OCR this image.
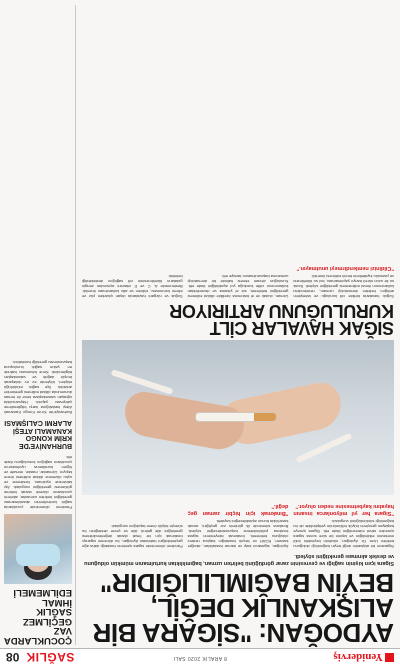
Yeniderviş
8 ARALIK 2020 SALI
SAĞLIK
08
AYDOĞAN: "SİGARA BİR ALIŞKANLIK DEĞİL, BEYİN BAĞIMLILIĞIDIR"
Sigara içen kişinin sağlığı ve çevresinin zarar gördüğünü belirten uzman, bağımlılıktan kurtulmanın mümkün olduğunu ve destek alınması gerektiğini söyledi.

Sigaranın bir alışkanlık değil beyin bağımlılığı olduğunu belirten Uzm. Dr. Aydoğan, nikotinin beyindeki ödül merkezini etkilediğini ve kişinin bir süre sonra sigara içmeden rahat edemediğini ifade etti. Sigara içmeye başlayan gençlerin büyük bölümünün yetişkinlikte de bu bağımlılığı sürdürdüğünü vurguladı.

"Sigara her yıl milyonlarca insanın hayatını kaybetmesine neden oluyor."

Aydoğan, sigaranın kalp ve damar hastalıkları, akciğer kanseri, KOAH ve birçok hastalığın başlıca nedeni olduğunu belirterek, bırakmak isteyenlerin sigara bırakma polikliniklerine başvurabileceğini söyledi. Bırakma sürecinde ilk günlerin zor geçtiğini, ancak kararlılıkla bunun aşılabileceğini kaydetti.

"Bırakmak için hiçbir zaman geç değil."

Pandemi döneminde sigara içenlerin hastalığı daha ağır geçirebildiğini hatırlatan Aydoğan, bu dönemin sigarayı bırakmak için bir fırsat olarak değerlendirilmesi gerektiğini dile getirdi. Aile ve çevre desteğinin bu süreçte büyük önem taşıdığını vurguladı.

SIĞAK HAVALAR CİLT KURULUĞUNU ARTIRIYOR

Soğuk havalarla birlikte cilt kuruluğu ve tahrişlerin arttığını belirten dermatoloji uzmanı, nemlendirici kullanımının ihmal edilmemesi gerektiğini söyledi. Sıcak su ile uzun süreli banyo yapılmaması, bol su tüketilmesi ve pamuklu kıyafetlerin tercih edilmesi önerildi.

"Cildinizi nemlendirmeyi unutmayın."

Uzman, dudak ve el bakımına özellikle dikkat edilmesi gerektiğini belirterek, sık el yıkama ve dezenfektan kullanımının ciltte kuruluğa yol açabildiğini ifade etti. Kuruluğun devam etmesi halinde bir dermatoloji uzmanına başvurulmasını tavsiye etti.

Soğuk ve rüzgarlı havalarda dışarı çıkarken yüz ve ellerin korunması, eldiven ve atkı kullanılması önerildi. Beslenmede A, C ve E vitamini açısından zengin gıdaların tüketilmesinin cilt sağlığını desteklediği belirtildi.

ÇOCUKLARDA VAZ GEÇİLMEZ SAĞLIK İHMAL EDİLMEMELİ
Pandemi döneminde çocuklarda sağlık kontrollerinin aksatılmaması gerektiğini belirten uzmanlar, ailelerin çocuklarını düzenli olarak hekime götürmesi gerektiğini vurguladı. Aşı takvimine uyulması, beslenme ve uyku düzenine dikkat edilmesi önem taşıyor. Uzmanlar, maske, mesafe ve hijyen kurallarına uyulmasının çocukların sağlığını koruduğunu ifade etti.
BURHANİYE'DE KRİM KONGO KANAMALI ATEŞİ ALARMI CALIŞMASI
Burhaniye'de Kırım Kongo Kanamalı Ateşi hastalığına karşı bilgilendirme çalışması yapıldı. Hayvancılıkla uğraşan vatandaşlara kene ile temas durumunda dikkat edilmesi gerekenler anlatıldı. İlçe sağlık müdürlüğü ekipleri, köylerde ev ev dolaşarak broşür dağıttı ve vatandaşları bilgilendirdi. Kene tutunması halinde en yakın sağlık kuruluşuna başvurulması gerektiği hatırlatıldı.
